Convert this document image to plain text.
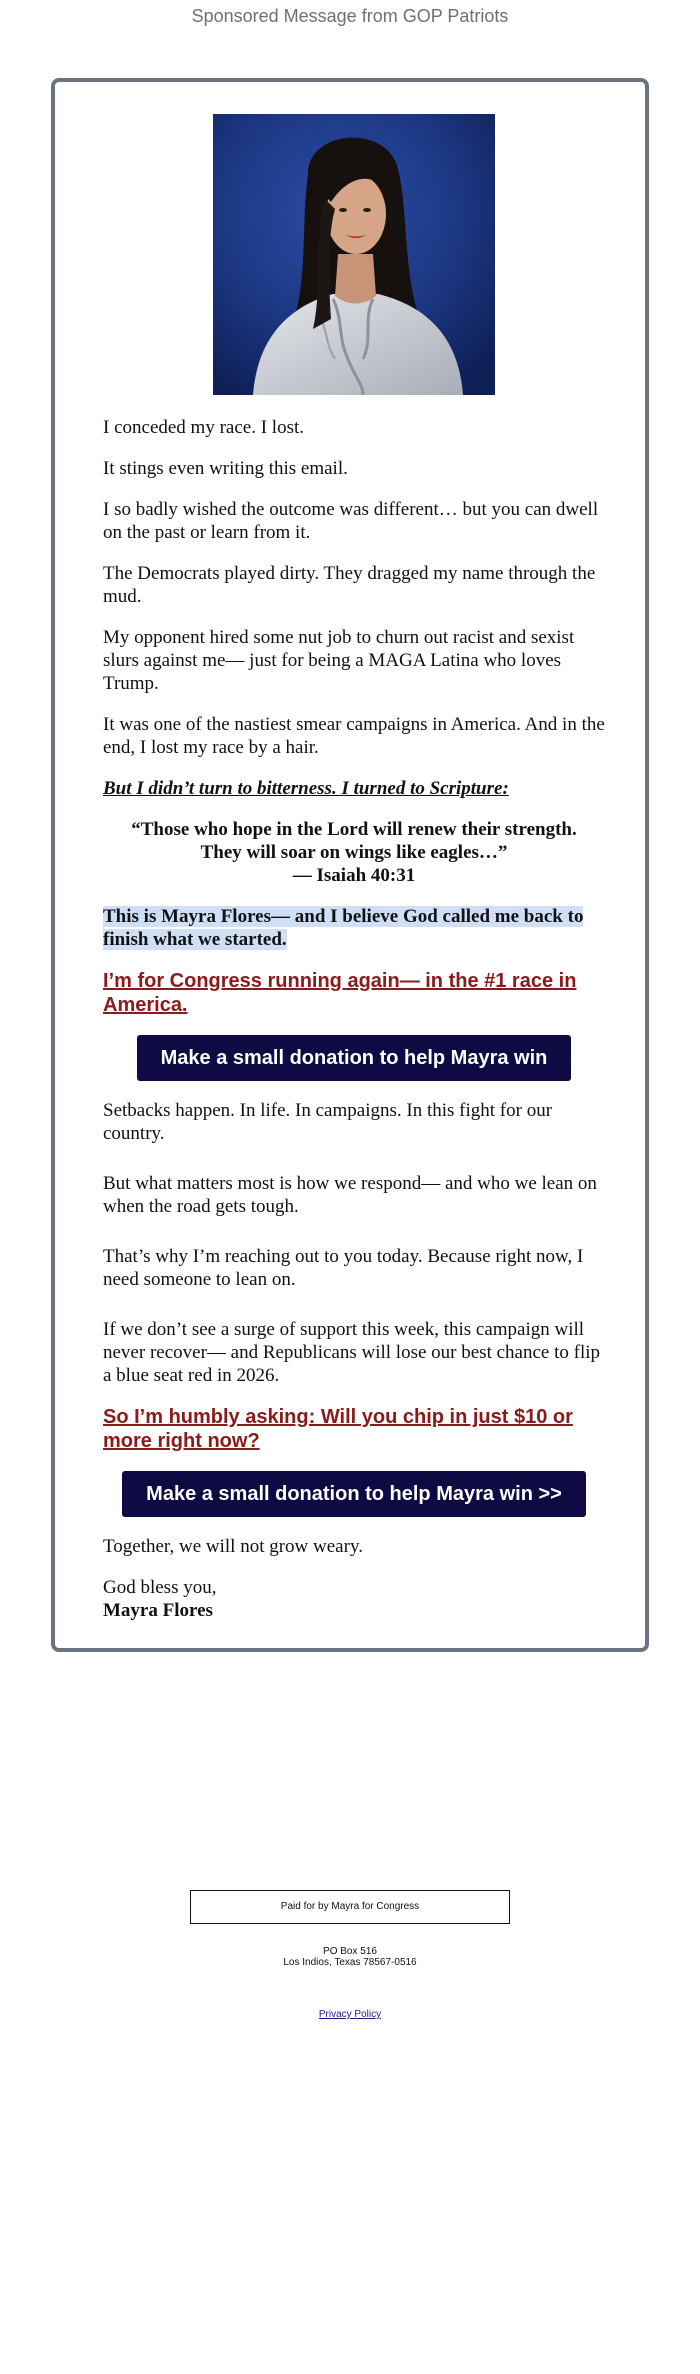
Sponsored Message from GOP Patriots

I conceded my race. I lost.

It stings even writing this email.

I so badly wished the outcome was different… but you can dwell on the past or learn from it.

The Democrats played dirty. They dragged my name through the mud.

My opponent hired some nut job to churn out racist and sexist slurs against me— just for being a MAGA Latina who loves Trump.

It was one of the nastiest smear campaigns in America. And in the end, I lost my race by a hair.

But I didn’t turn to bitterness. I turned to Scripture:

“Those who hope in the Lord will renew their strength.
They will soar on wings like eagles…”
— Isaiah 40:31

This is Mayra Flores— and I believe God called me back to finish what we started.

I’m for Congress running again— in the #1 race in America.
Make a small donation to help Mayra win

Setbacks happen. In life. In campaigns. In this fight for our country.

But what matters most is how we respond— and who we lean on when the road gets tough.

That’s why I’m reaching out to you today. Because right now, I need someone to lean on.

If we don’t see a surge of support this week, this campaign will never recover— and Republicans will lose our best chance to flip a blue seat red in 2026.

So I’m humbly asking: Will you chip in just $10 or more right now?
Make a small donation to help Mayra win >>

Together, we will not grow weary.

God bless you,
Mayra Flores

Paid for by Mayra for Congress
PO Box 516
Los Indios, Texas 78567-0516
Privacy Policy
